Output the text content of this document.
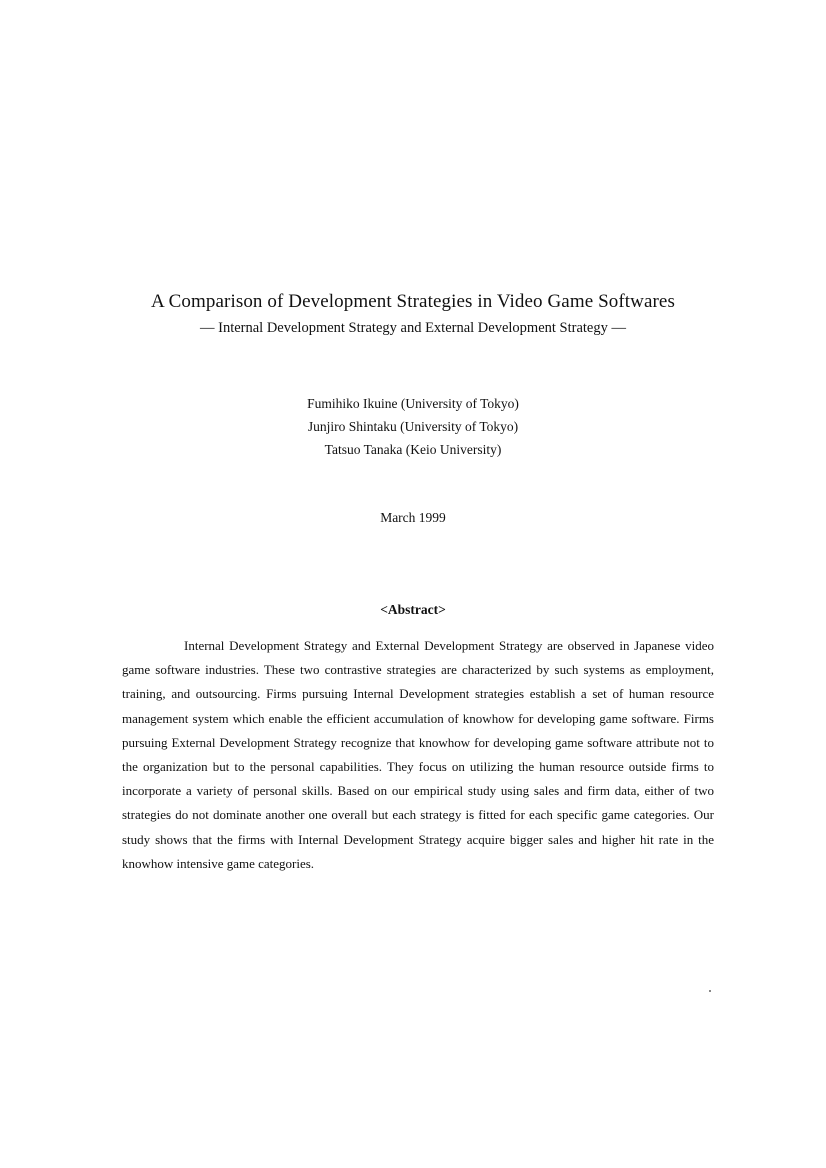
A Comparison of Development Strategies in Video Game Softwares
— Internal Development Strategy and External Development Strategy —
Fumihiko Ikuine (University of Tokyo)
Junjiro Shintaku (University of Tokyo)
Tatsuo Tanaka (Keio University)
March 1999
<Abstract>

Internal Development Strategy and External Development Strategy are observed in Japanese video game software industries. These two contrastive strategies are characterized by such systems as employment, training, and outsourcing. Firms pursuing Internal Development strategies establish a set of human resource management system which enable the efficient accumulation of knowhow for developing game software. Firms pursuing External Development Strategy recognize that knowhow for developing game software attribute not to the organization but to the personal capabilities. They focus on utilizing the human resource outside firms to incorporate a variety of personal skills. Based on our empirical study using sales and firm data, either of two strategies do not dominate another one overall but each strategy is fitted for each specific game categories. Our study shows that the firms with Internal Development Strategy acquire bigger sales and higher hit rate in the knowhow intensive game categories.
